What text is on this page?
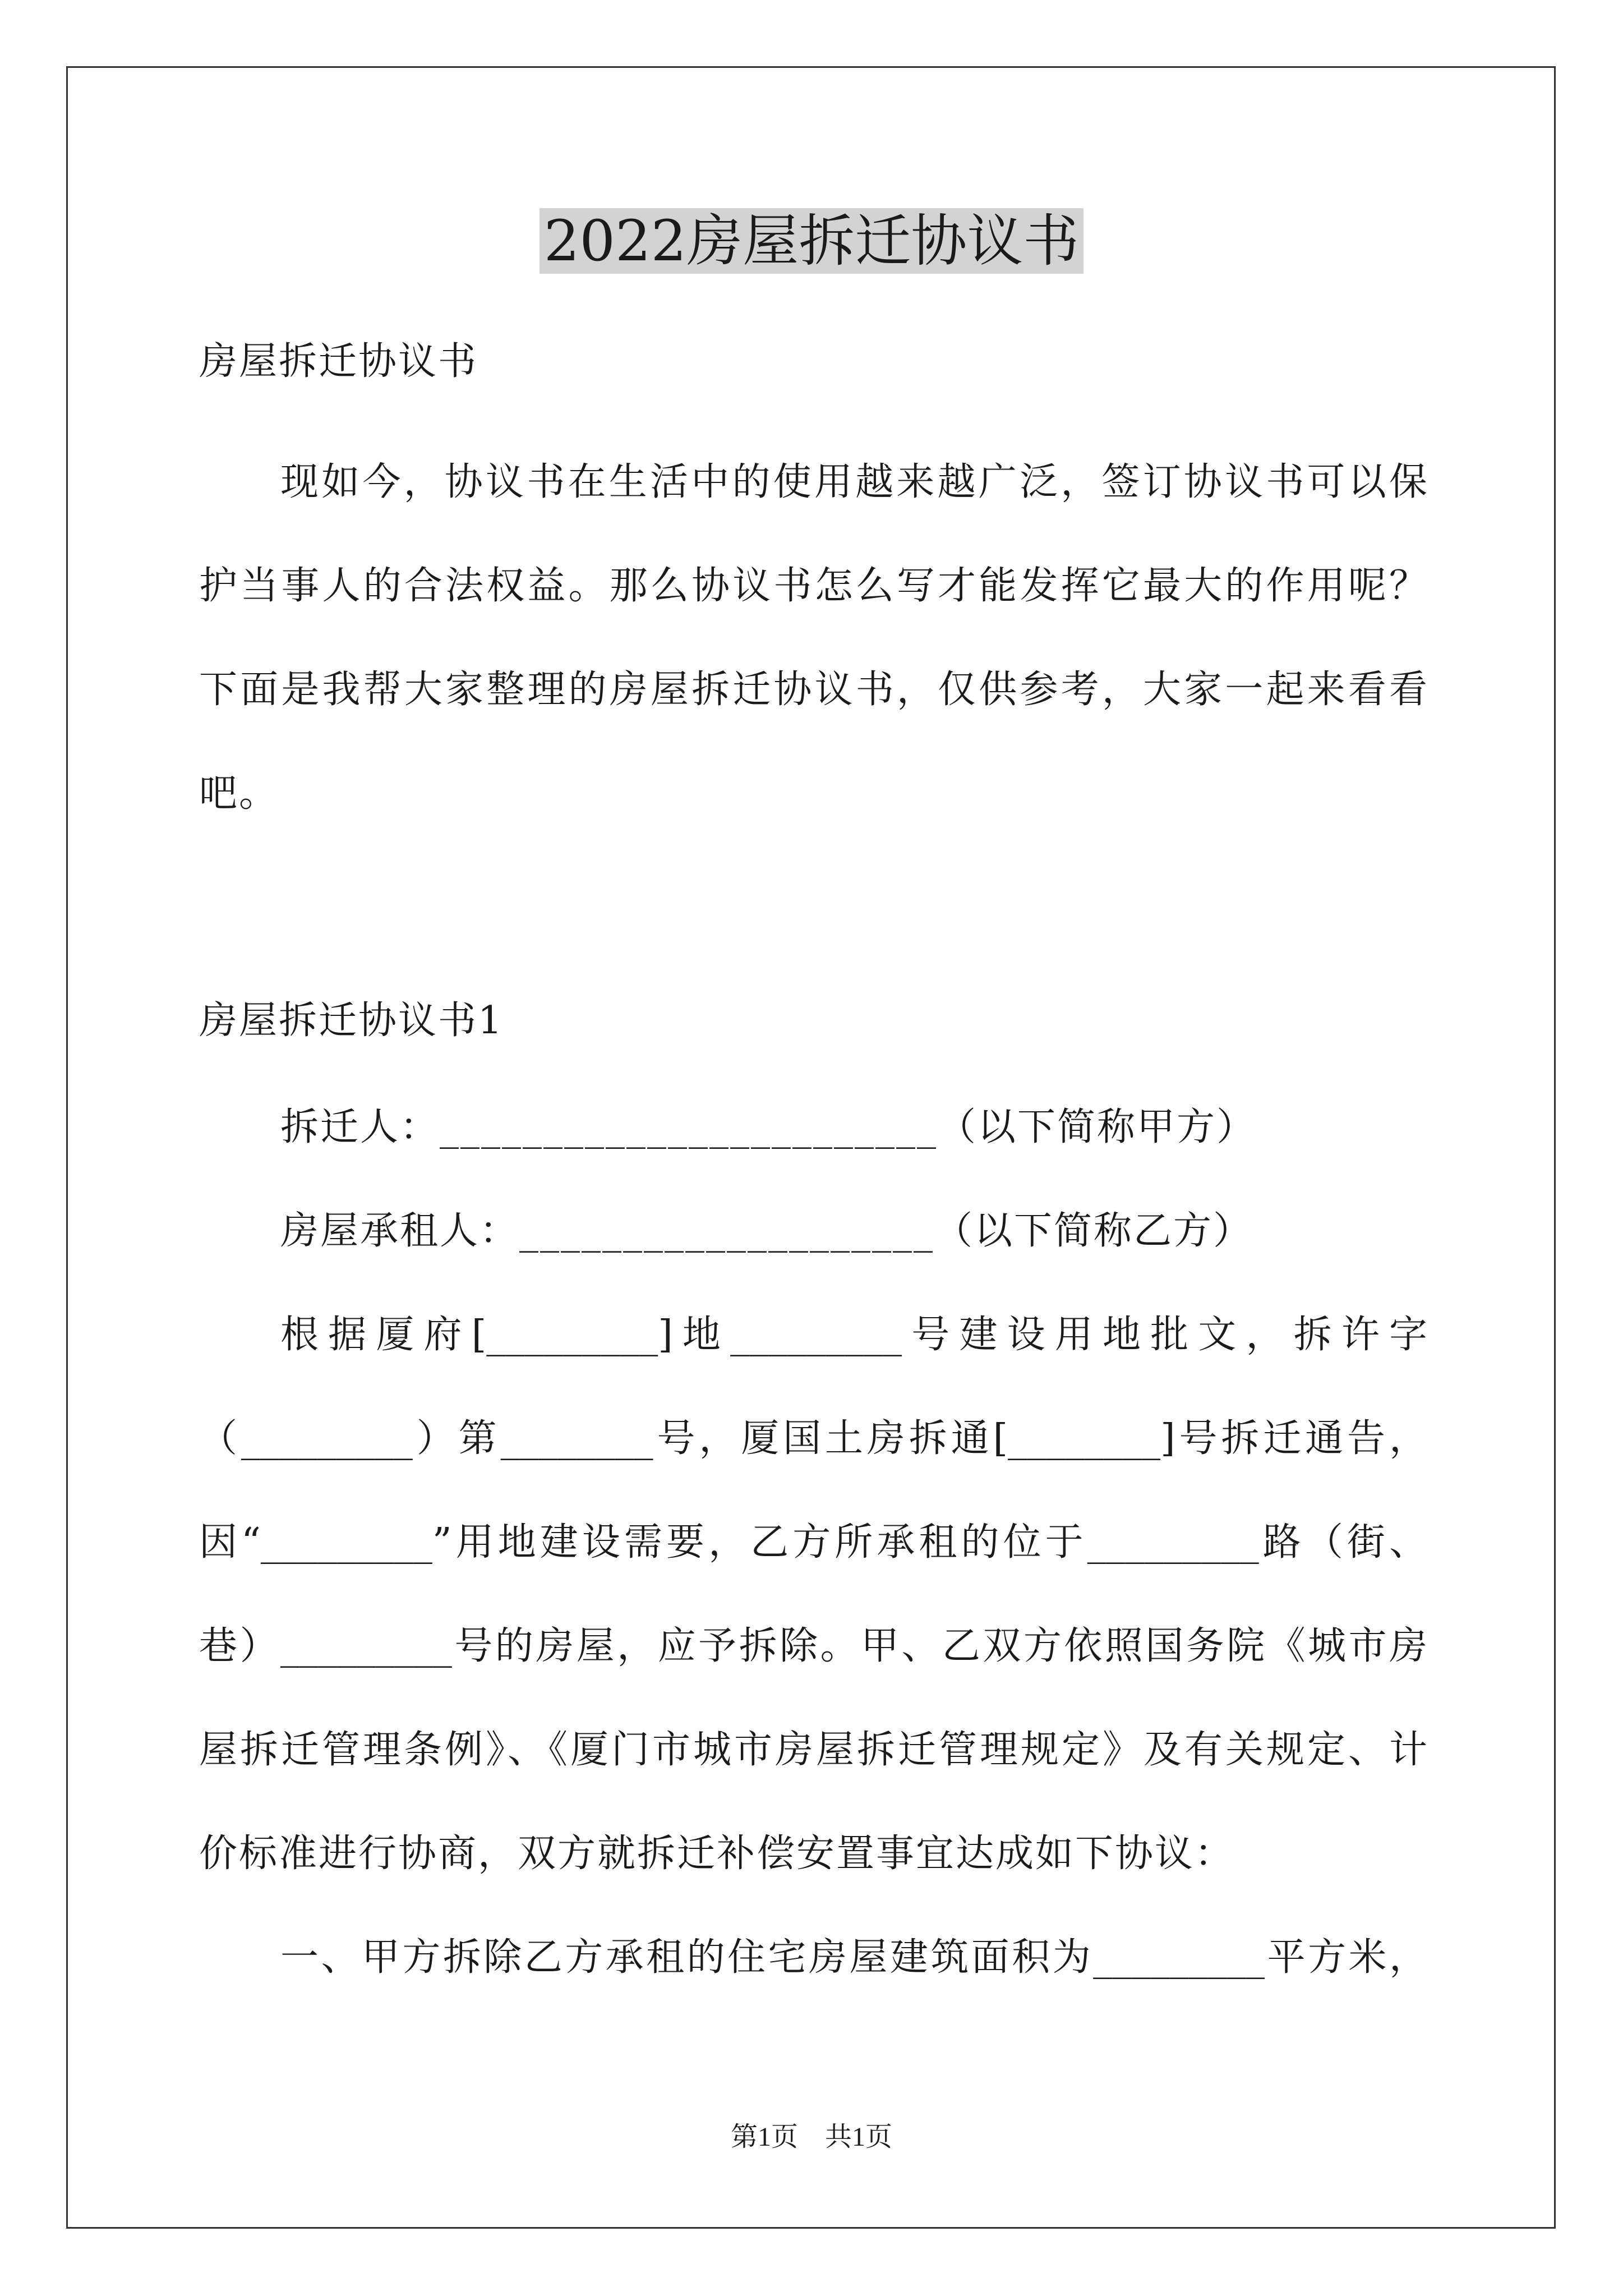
2022房屋拆迁协议书
房屋拆迁协议书
现如今，协议书在生活中的使用越来越广泛，签订协议书可以保
护当事人的合法权益。那么协议书怎么写才能发挥它最大的作用呢？
下面是我帮大家整理的房屋拆迁协议书，仅供参考，大家一起来看看
吧。
房屋拆迁协议书1
拆迁人：________________________（以下简称甲方）
房屋承租人：____________________（以下简称乙方）
根据厦府[_________]地_________号建设用地批文，拆许字
（_________）第________号，厦国土房拆通[________]号拆迁通告，
因“_________”用地建设需要，乙方所承租的位于_________路（街、
巷）_________号的房屋，应予拆除。甲、乙双方依照国务院《城市房
屋拆迁管理条例》、《厦门市城市房屋拆迁管理规定》及有关规定、计
价标准进行协商，双方就拆迁补偿安置事宜达成如下协议：
一、甲方拆除乙方承租的住宅房屋建筑面积为_________平方米，
第1页　共1页
